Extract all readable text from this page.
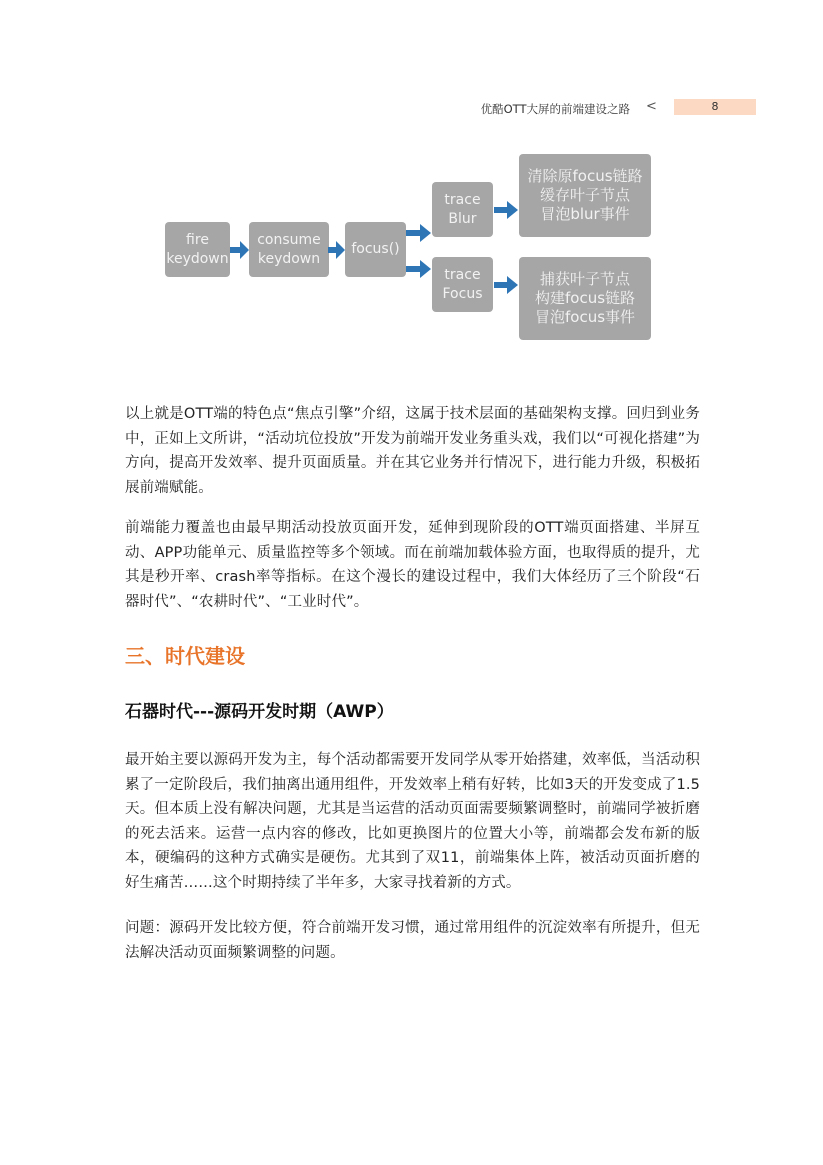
优酷OTT大屏的前端建设之路 <	8
fire
keydown
consume
keydown
focus()
trace
Blur
trace
Focus
清除原focus链路
缓存叶子节点
冒泡blur事件
捕获叶子节点
构建focus链路
冒泡focus事件
以上就是OTT端的特色点“焦点引擎”介绍，这属于技术层面的基础架构支撑。回归到业务中，正如上文所讲，“活动坑位投放”开发为前端开发业务重头戏，我们以“可视化搭建”为方向，提高开发效率、提升页面质量。并在其它业务并行情况下，进行能力升级，积极拓展前端赋能。
前端能力覆盖也由最早期活动投放页面开发，延伸到现阶段的OTT端页面搭建、半屏互动、APP功能单元、质量监控等多个领域。而在前端加载体验方面，也取得质的提升，尤其是秒开率、crash率等指标。在这个漫长的建设过程中，我们大体经历了三个阶段“石器时代”、“农耕时代”、“工业时代”。
三、时代建设
石器时代---源码开发时期（AWP）
最开始主要以源码开发为主，每个活动都需要开发同学从零开始搭建，效率低，当活动积累了一定阶段后，我们抽离出通用组件，开发效率上稍有好转，比如3天的开发变成了1.5天。但本质上没有解决问题，尤其是当运营的活动页面需要频繁调整时，前端同学被折磨的死去活来。运营一点内容的修改，比如更换图片的位置大小等，前端都会发布新的版本，硬编码的这种方式确实是硬伤。尤其到了双11，前端集体上阵，被活动页面折磨的好生痛苦……这个时期持续了半年多，大家寻找着新的方式。
问题：源码开发比较方便，符合前端开发习惯，通过常用组件的沉淀效率有所提升，但无法解决活动页面频繁调整的问题。
